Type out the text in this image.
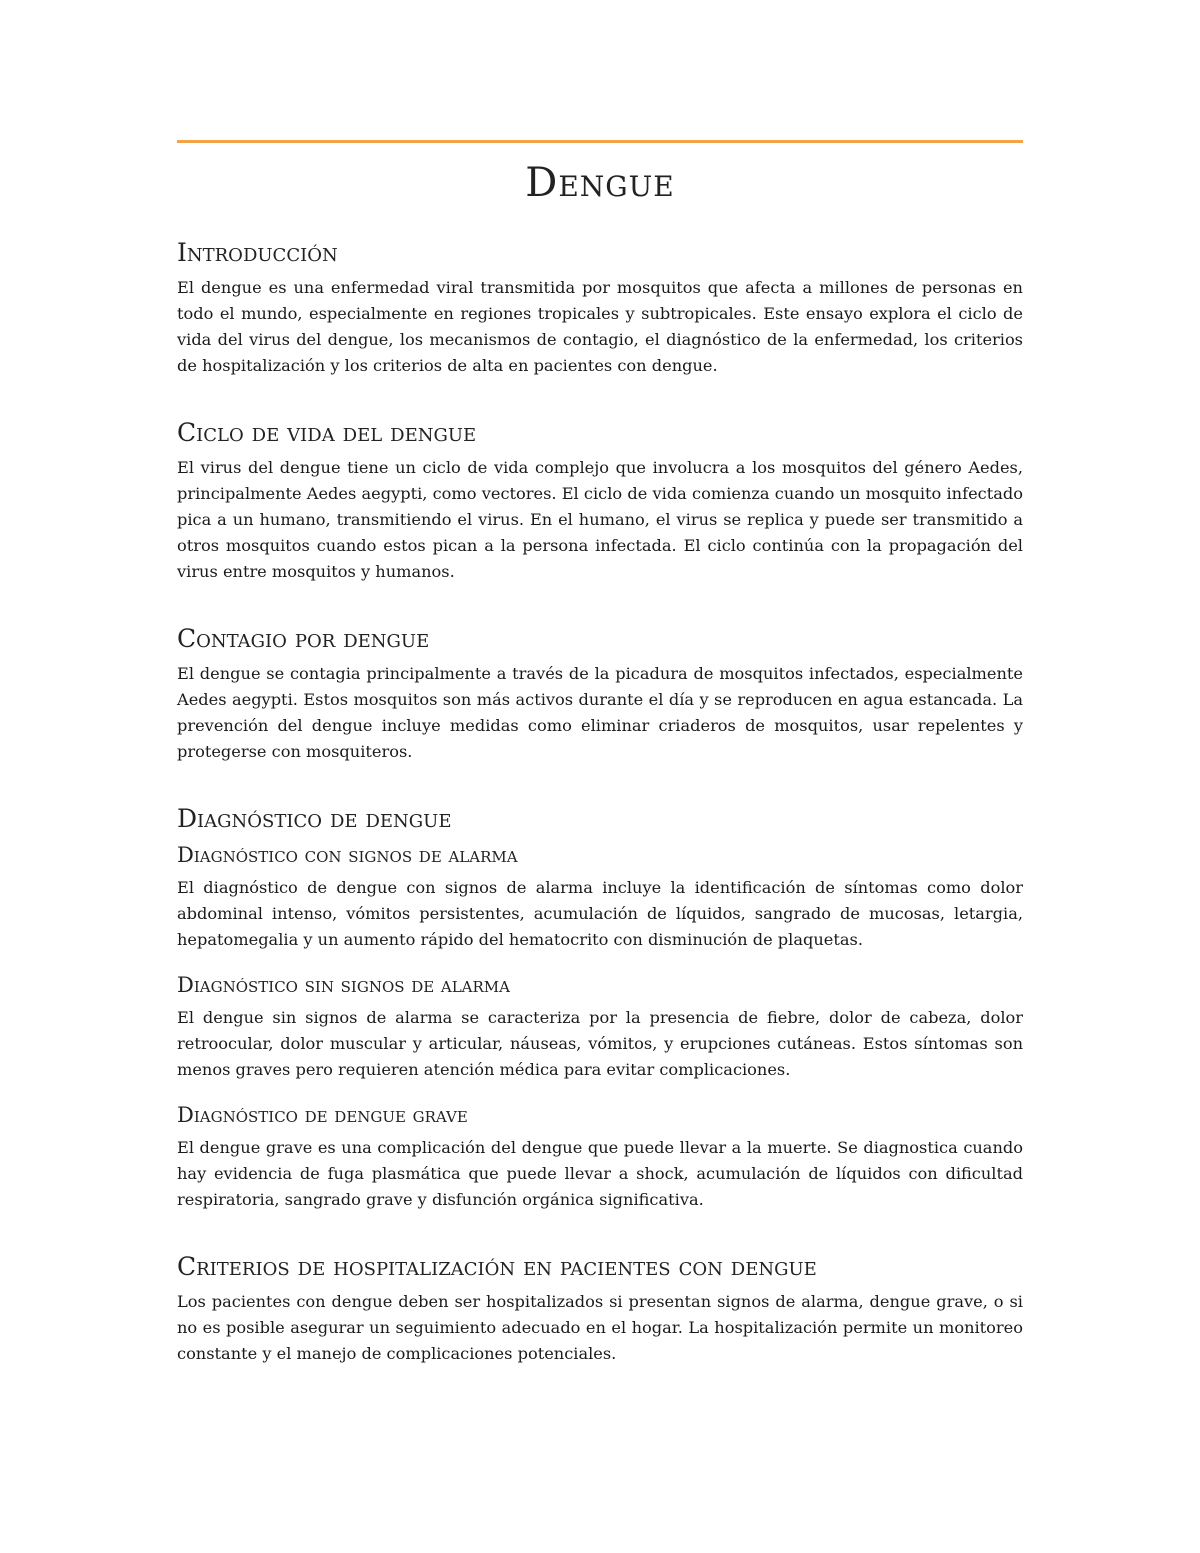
Dengue
Introducción

El dengue es una enfermedad viral transmitida por mosquitos que afecta a millones de personas en todo el mundo, especialmente en regiones tropicales y subtropicales. Este ensayo explora el ciclo de vida del virus del dengue, los mecanismos de contagio, el diagnóstico de la enfermedad, los criterios de hospitalización y los criterios de alta en pacientes con dengue.

Ciclo de vida del dengue

El virus del dengue tiene un ciclo de vida complejo que involucra a los mosquitos del género Aedes, principalmente Aedes aegypti, como vectores. El ciclo de vida comienza cuando un mosquito infectado pica a un humano, transmitiendo el virus. En el humano, el virus se replica y puede ser transmitido a otros mosquitos cuando estos pican a la persona infectada. El ciclo continúa con la propagación del virus entre mosquitos y humanos.

Contagio por dengue

El dengue se contagia principalmente a través de la picadura de mosquitos infectados, especialmente Aedes aegypti. Estos mosquitos son más activos durante el día y se reproducen en agua estancada. La prevención del dengue incluye medidas como eliminar criaderos de mosquitos, usar repelentes y protegerse con mosquiteros.

Diagnóstico de dengue
Diagnóstico con signos de alarma

El diagnóstico de dengue con signos de alarma incluye la identificación de síntomas como dolor abdominal intenso, vómitos persistentes, acumulación de líquidos, sangrado de mucosas, letargia, hepatomegalia y un aumento rápido del hematocrito con disminución de plaquetas.

Diagnóstico sin signos de alarma

El dengue sin signos de alarma se caracteriza por la presencia de fiebre, dolor de cabeza, dolor retroocular, dolor muscular y articular, náuseas, vómitos, y erupciones cutáneas. Estos síntomas son menos graves pero requieren atención médica para evitar complicaciones.

Diagnóstico de dengue grave

El dengue grave es una complicación del dengue que puede llevar a la muerte. Se diagnostica cuando hay evidencia de fuga plasmática que puede llevar a shock, acumulación de líquidos con dificultad respiratoria, sangrado grave y disfunción orgánica significativa.

Criterios de hospitalización en pacientes con dengue

Los pacientes con dengue deben ser hospitalizados si presentan signos de alarma, dengue grave, o si no es posible asegurar un seguimiento adecuado en el hogar. La hospitalización permite un monitoreo constante y el manejo de complicaciones potenciales.
